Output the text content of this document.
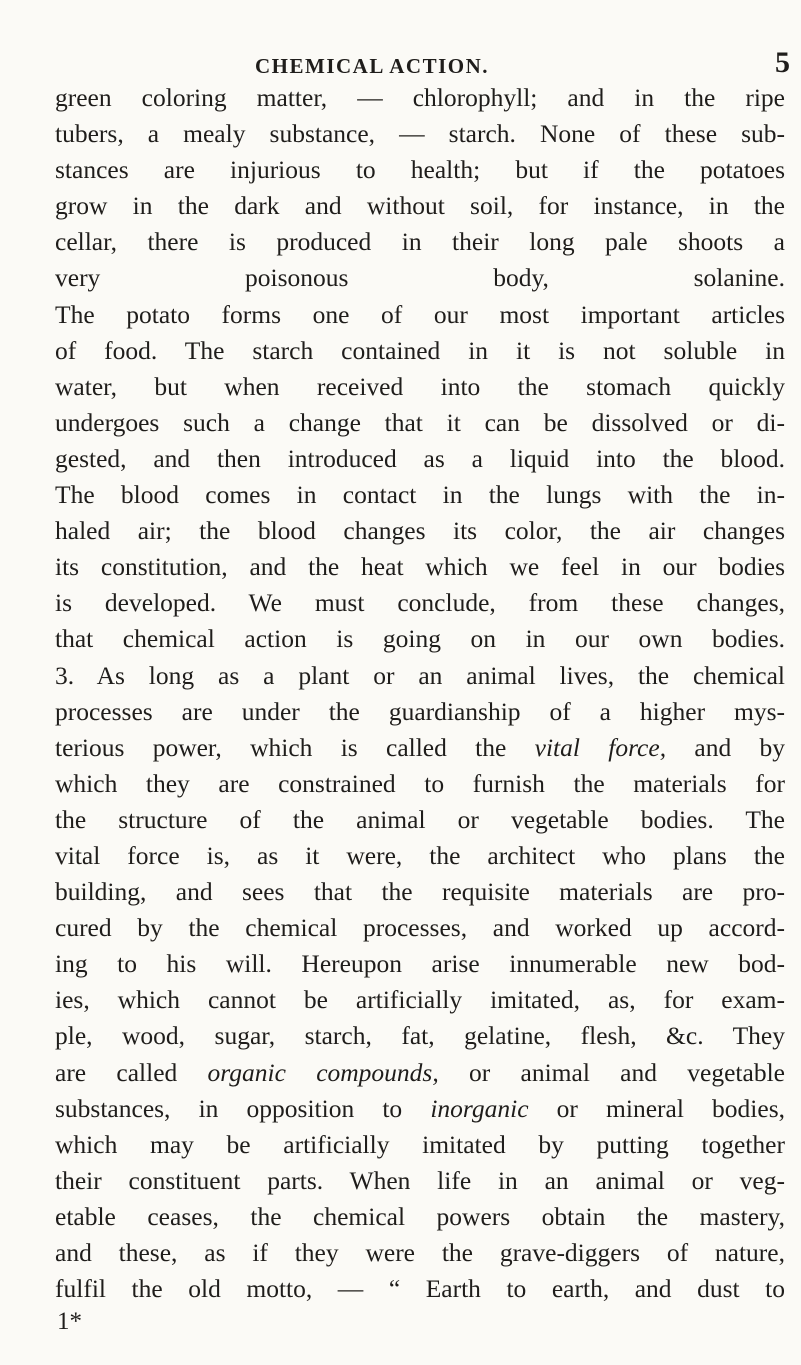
CHEMICAL ACTION.	5
green coloring matter, — chlorophyll; and in the ripe
tubers, a mealy substance, — starch. None of these sub-
stances are injurious to health; but if the potatoes
grow in the dark and without soil, for instance, in the
cellar, there is produced in their long pale shoots a
very poisonous body, solanine.
The potato forms one of our most important articles
of food. The starch contained in it is not soluble in
water, but when received into the stomach quickly
undergoes such a change that it can be dissolved or di-
gested, and then introduced as a liquid into the blood.
The blood comes in contact in the lungs with the in-
haled air; the blood changes its color, the air changes
its constitution, and the heat which we feel in our bodies
is developed. We must conclude, from these changes,
that chemical action is going on in our own bodies.
3. As long as a plant or an animal lives, the chemical
processes are under the guardianship of a higher mys-
terious power, which is called the vital force, and by
which they are constrained to furnish the materials for
the structure of the animal or vegetable bodies. The
vital force is, as it were, the architect who plans the
building, and sees that the requisite materials are pro-
cured by the chemical processes, and worked up accord-
ing to his will. Hereupon arise innumerable new bod-
ies, which cannot be artificially imitated, as, for exam-
ple, wood, sugar, starch, fat, gelatine, flesh, &c. They
are called organic compounds, or animal and vegetable
substances, in opposition to inorganic or mineral bodies,
which may be artificially imitated by putting together
their constituent parts. When life in an animal or veg-
etable ceases, the chemical powers obtain the mastery,
and these, as if they were the grave-diggers of nature,
fulfil the old motto, — “ Earth to earth, and dust to
1*
